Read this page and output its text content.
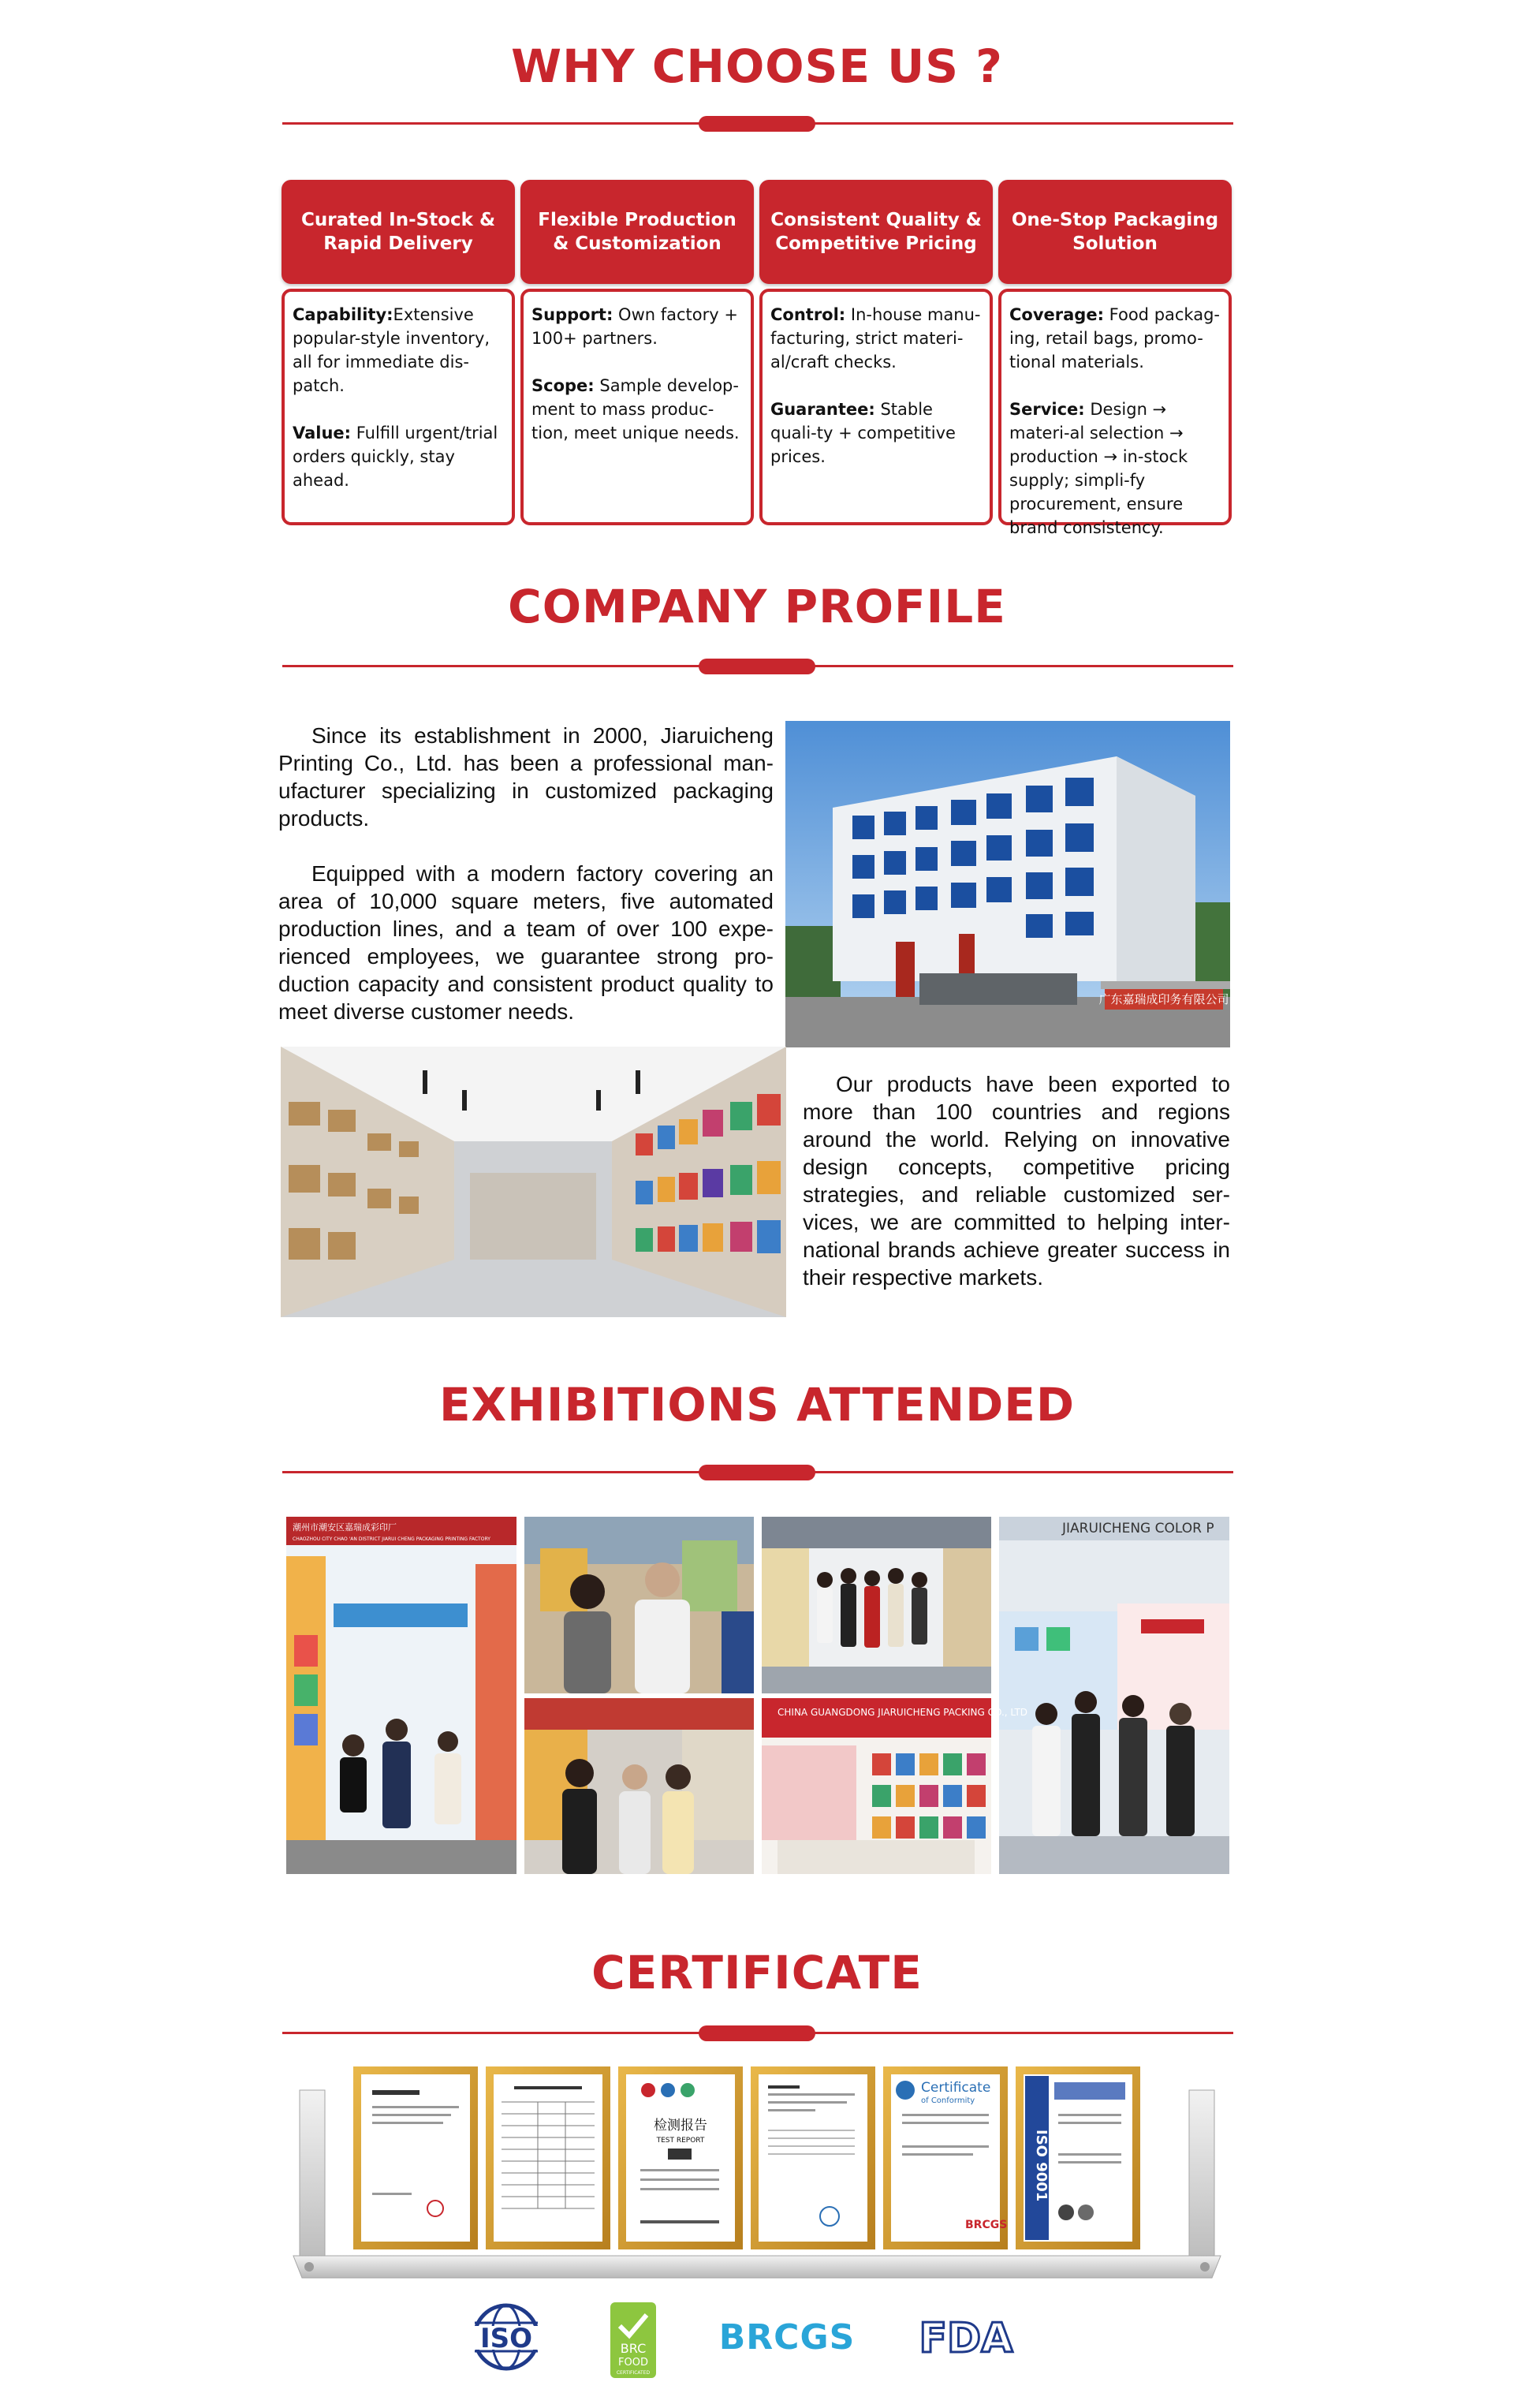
WHY CHOOSE US ?
Curated In-Stock & Rapid Delivery

Capability:Extensive popular-style inventory, all for immediate dis-patch.

Value: Fulfill urgent/trial orders quickly, stay ahead.

Flexible Production & Customization

Support: Own factory + 100+ partners.

Scope: Sample develop-ment to mass produc-tion, meet unique needs.

Consistent Quality & Competitive Pricing

Control: In-house manu-facturing, strict materi-al/craft checks.

Guarantee: Stable quali-ty + competitive prices.

One-Stop Packaging Solution

Coverage: Food packag-ing, retail bags, promo-tional materials.

Service: Design → materi-al selection → production → in-stock supply; simpli-fy procurement, ensure brand consistency.

COMPANY PROFILE

Since its establishment in 2000, Jiaruicheng Printing Co., Ltd. has been a professional man-ufacturer specializing in customized packaging products.

Equipped with a modern factory covering an area of 10,000 square meters, five automated production lines, and a team of over 100 expe-rienced employees, we guarantee strong pro-duction capacity and consistent product quality to meet diverse customer needs.	广东嘉瑞成印务有限公司

Our products have been exported to more than 100 countries and regions around the world. Relying on innovative design concepts, competitive pricing strategies, and reliable customized ser-vices, we are committed to helping inter-national brands achieve greater success in their respective markets.

EXHIBITIONS ATTENDED
潮州市潮安区嘉瑞成彩印厂
CHAOZHOU CITY CHAO 'AN DISTRICT JIARUI CHENG PACKAGING PRINTING FACTORY
JIARUICHENG COLOR P
CHINA GUANGDONG JIARUICHENG PACKING CO., LTD
CERTIFICATE
检测报告
TEST REPORT
Certificate
of Conformity
BRCGS
ISO 9001
ISO	BRC
FOOD
CERTIFICATED
BRCGS FDA
